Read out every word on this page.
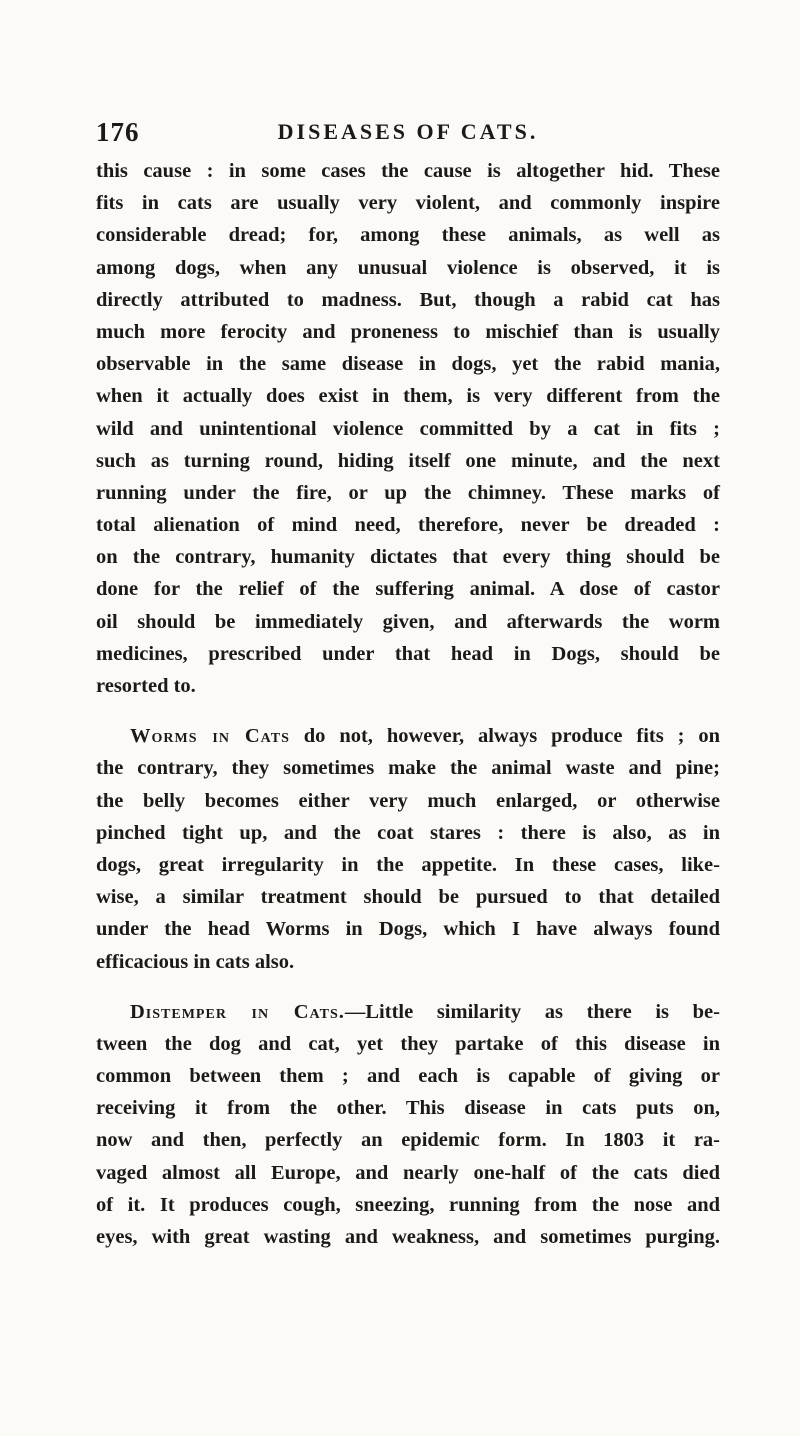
176	DISEASES OF CATS.
this cause : in some cases the cause is altogether hid. These
fits in cats are usually very violent, and commonly inspire
considerable dread; for, among these animals, as well as
among dogs, when any unusual violence is observed, it is
directly attributed to madness. But, though a rabid cat has
much more ferocity and proneness to mischief than is usually
observable in the same disease in dogs, yet the rabid mania,
when it actually does exist in them, is very different from the
wild and unintentional violence committed by a cat in fits ;
such as turning round, hiding itself one minute, and the next
running under the fire, or up the chimney. These marks of
total alienation of mind need, therefore, never be dreaded :
on the contrary, humanity dictates that every thing should be
done for the relief of the suffering animal. A dose of castor
oil should be immediately given, and afterwards the worm
medicines, prescribed under that head in Dogs, should be
resorted to.
Worms in Cats do not, however, always produce fits ; on
the contrary, they sometimes make the animal waste and pine;
the belly becomes either very much enlarged, or otherwise
pinched tight up, and the coat stares : there is also, as in
dogs, great irregularity in the appetite. In these cases, like-
wise, a similar treatment should be pursued to that detailed
under the head Worms in Dogs, which I have always found
efficacious in cats also.
Distemper in Cats.—Little similarity as there is be-
tween the dog and cat, yet they partake of this disease in
common between them ; and each is capable of giving or
receiving it from the other. This disease in cats puts on,
now and then, perfectly an epidemic form. In 1803 it ra-
vaged almost all Europe, and nearly one-half of the cats died
of it. It produces cough, sneezing, running from the nose and
eyes, with great wasting and weakness, and sometimes purging.
